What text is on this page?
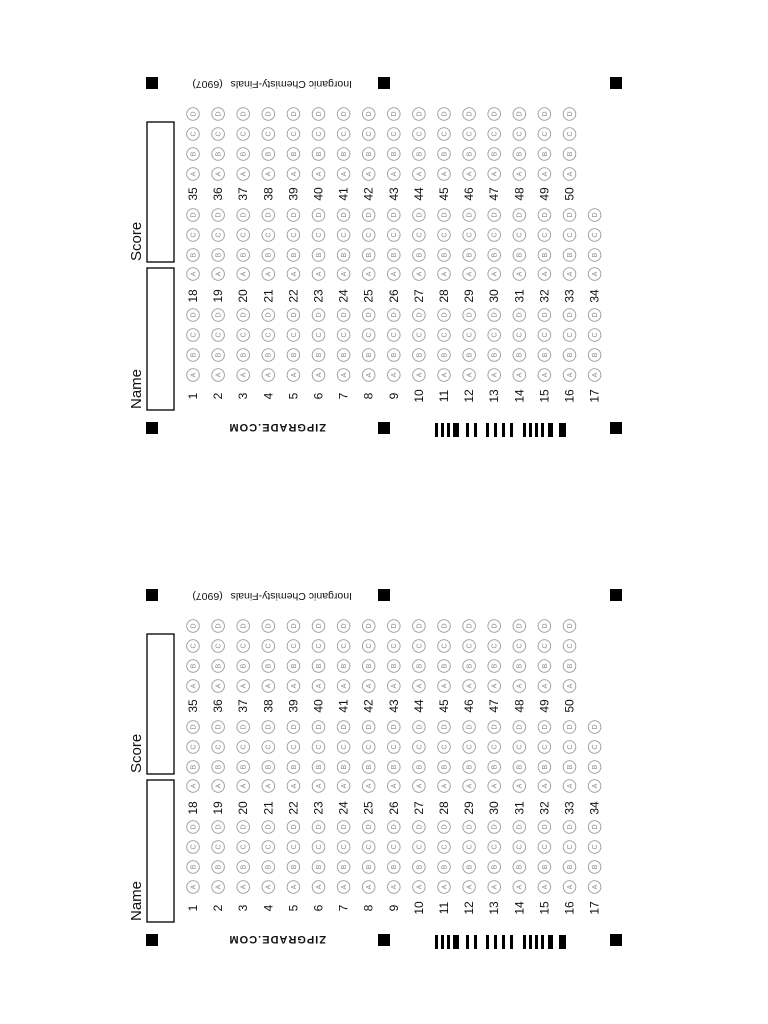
Name
Score
Inorganic Chemisty-Finals (6907)
ZIPGRADE.COM
1
A
B
C
D
2
A
B
C
D
3
A
B
C
D
4
A
B
C
D
5
A
B
C
D
6
A
B
C
D
7
A
B
C
D
8
A
B
C
D
9
A
B
C
D
10
A
B
C
D
11
A
B
C
D
12
A
B
C
D
13
A
B
C
D
14
A
B
C
D
15
A
B
C
D
16
A
B
C
D
17
A
B
C
D
18
A
B
C
D
19
A
B
C
D
20
A
B
C
D
21
A
B
C
D
22
A
B
C
D
23
A
B
C
D
24
A
B
C
D
25
A
B
C
D
26
A
B
C
D
27
A
B
C
D
28
A
B
C
D
29
A
B
C
D
30
A
B
C
D
31
A
B
C
D
32
A
B
C
D
33
A
B
C
D
34
A
B
C
D
35
A
B
C
D
36
A
B
C
D
37
A
B
C
D
38
A
B
C
D
39
A
B
C
D
40
A
B
C
D
41
A
B
C
D
42
A
B
C
D
43
A
B
C
D
44
A
B
C
D
45
A
B
C
D
46
A
B
C
D
47
A
B
C
D
48
A
B
C
D
49
A
B
C
D
50
A
B
C
D
Name
Score
Inorganic Chemisty-Finals (6907)
ZIPGRADE.COM
1
A
B
C
D
2
A
B
C
D
3
A
B
C
D
4
A
B
C
D
5
A
B
C
D
6
A
B
C
D
7
A
B
C
D
8
A
B
C
D
9
A
B
C
D
10
A
B
C
D
11
A
B
C
D
12
A
B
C
D
13
A
B
C
D
14
A
B
C
D
15
A
B
C
D
16
A
B
C
D
17
A
B
C
D
18
A
B
C
D
19
A
B
C
D
20
A
B
C
D
21
A
B
C
D
22
A
B
C
D
23
A
B
C
D
24
A
B
C
D
25
A
B
C
D
26
A
B
C
D
27
A
B
C
D
28
A
B
C
D
29
A
B
C
D
30
A
B
C
D
31
A
B
C
D
32
A
B
C
D
33
A
B
C
D
34
A
B
C
D
35
A
B
C
D
36
A
B
C
D
37
A
B
C
D
38
A
B
C
D
39
A
B
C
D
40
A
B
C
D
41
A
B
C
D
42
A
B
C
D
43
A
B
C
D
44
A
B
C
D
45
A
B
C
D
46
A
B
C
D
47
A
B
C
D
48
A
B
C
D
49
A
B
C
D
50
A
B
C
D
